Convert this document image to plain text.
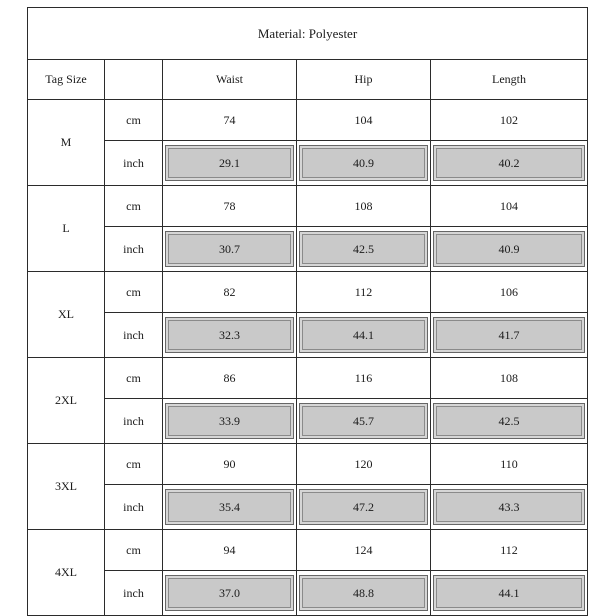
Material: Polyester				
Tag Size		Waist	Hip	Length
M	cm	74	104	102
	inch	29.1	40.9	40.2

L	cm	78	108	104
	inch	30.7	42.5	40.9

XL	cm	82	112	106
	inch	32.3	44.1	41.7

2XL	cm	86	116	108
	inch	33.9	45.7	42.5

3XL	cm	90	120	110
	inch	35.4	47.2	43.3

4XL	cm	94	124	112
	inch	37.0	48.8	44.1
